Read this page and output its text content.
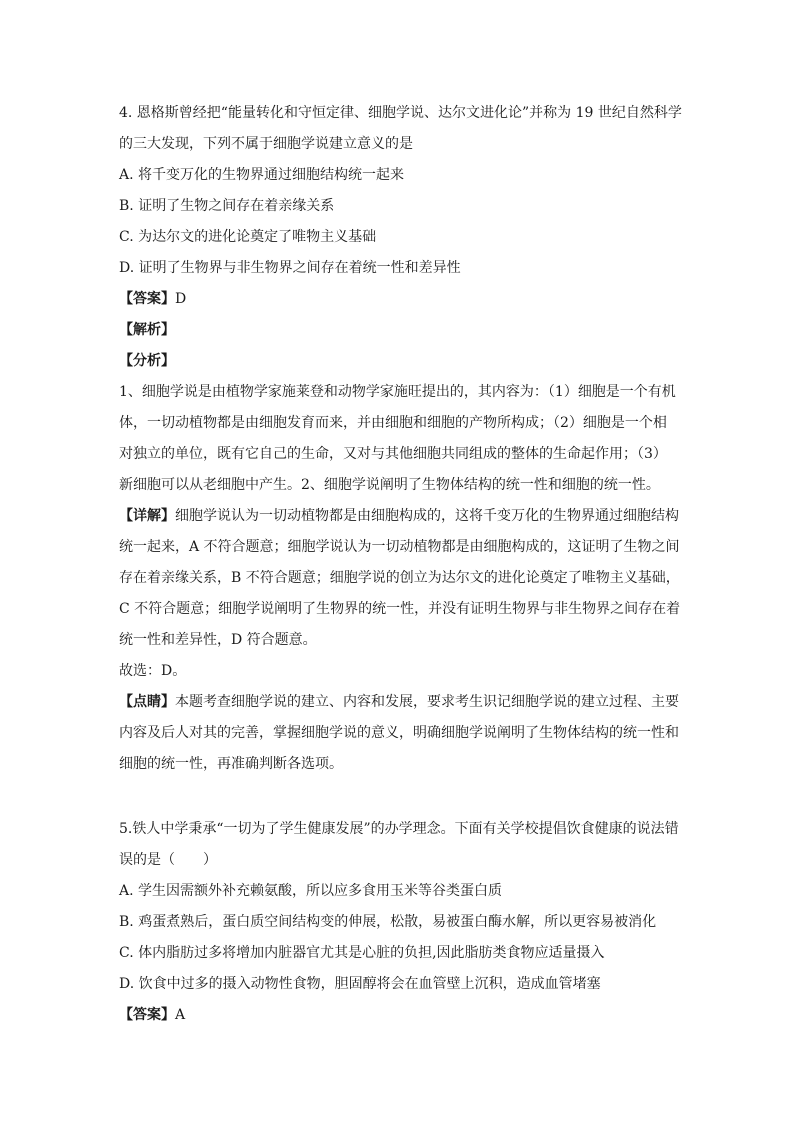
4. 恩格斯曾经把“能量转化和守恒定律、细胞学说、达尔文进化论”并称为 19 世纪自然科学
的三大发现，下列不属于细胞学说建立意义的是
A. 将千变万化的生物界通过细胞结构统一起来
B. 证明了生物之间存在着亲缘关系
C. 为达尔文的进化论奠定了唯物主义基础
D. 证明了生物界与非生物界之间存在着统一性和差异性
【答案】D
【解析】
【分析】
1、细胞学说是由植物学家施莱登和动物学家施旺提出的，其内容为：（1）细胞是一个有机
体，一切动植物都是由细胞发育而来，并由细胞和细胞的产物所构成；（2）细胞是一个相
对独立的单位，既有它自己的生命，又对与其他细胞共同组成的整体的生命起作用；（3）
新细胞可以从老细胞中产生。2、细胞学说阐明了生物体结构的统一性和细胞的统一性。
【详解】细胞学说认为一切动植物都是由细胞构成的，这将千变万化的生物界通过细胞结构
统一起来，A 不符合题意；细胞学说认为一切动植物都是由细胞构成的，这证明了生物之间
存在着亲缘关系，B 不符合题意；细胞学说的创立为达尔文的进化论奠定了唯物主义基础，
C 不符合题意；细胞学说阐明了生物界的统一性，并没有证明生物界与非生物界之间存在着
统一性和差异性，D 符合题意。
故选：D。
【点睛】本题考查细胞学说的建立、内容和发展，要求考生识记细胞学说的建立过程、主要
内容及后人对其的完善，掌握细胞学说的意义，明确细胞学说阐明了生物体结构的统一性和
细胞的统一性，再准确判断各选项。
5.铁人中学秉承“一切为了学生健康发展”的办学理念。下面有关学校提倡饮食健康的说法错
误的是（　　）
A. 学生因需额外补充赖氨酸，所以应多食用玉米等谷类蛋白质
B. 鸡蛋煮熟后，蛋白质空间结构变的伸展，松散，易被蛋白酶水解，所以更容易被消化
C. 体内脂肪过多将增加内脏器官尤其是心脏的负担,因此脂肪类食物应适量摄入
D. 饮食中过多的摄入动物性食物，胆固醇将会在血管壁上沉积，造成血管堵塞
【答案】A
